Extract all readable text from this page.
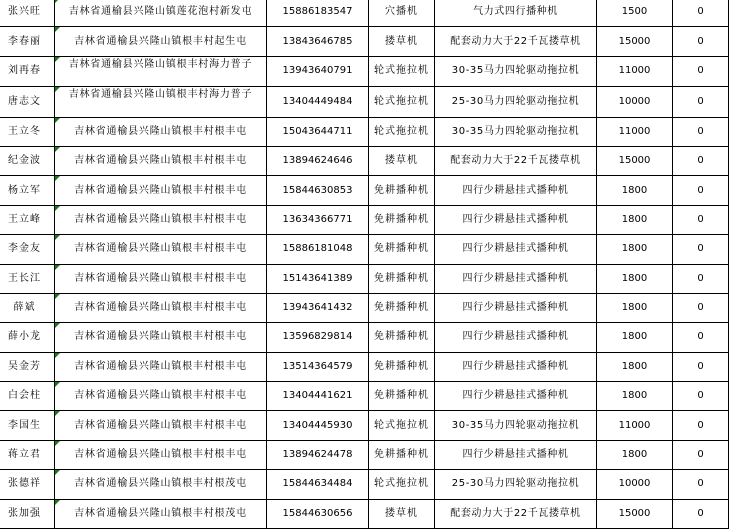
张兴旺	吉林省通榆县兴隆山镇莲花泡村新发屯	15886183547	穴播机	气力式四行播种机	1500	0
李春丽	吉林省通榆县兴隆山镇根丰村起生屯	13843646785	搂草机	配套动力大于22千瓦搂草机	15000	0
刘再春	吉林省通榆县兴隆山镇根丰村海力普子	13943640791	轮式拖拉机	30-35马力四轮驱动拖拉机	11000	0
唐志文	吉林省通榆县兴隆山镇根丰村海力普子	13404449484	轮式拖拉机	25-30马力四轮驱动拖拉机	10000	0
王立冬	吉林省通榆县兴隆山镇根丰村根丰屯	15043644711	轮式拖拉机	30-35马力四轮驱动拖拉机	11000	0
纪金波	吉林省通榆县兴隆山镇根丰村根丰屯	13894624646	搂草机	配套动力大于22千瓦搂草机	15000	0
杨立军	吉林省通榆县兴隆山镇根丰村根丰屯	15844630853	免耕播种机	四行少耕悬挂式播种机	1800	0
王立峰	吉林省通榆县兴隆山镇根丰村根丰屯	13634366771	免耕播种机	四行少耕悬挂式播种机	1800	0
李金友	吉林省通榆县兴隆山镇根丰村根丰屯	15886181048	免耕播种机	四行少耕悬挂式播种机	1800	0
王长江	吉林省通榆县兴隆山镇根丰村根丰屯	15143641389	免耕播种机	四行少耕悬挂式播种机	1800	0
薛斌	吉林省通榆县兴隆山镇根丰村根丰屯	13943641432	免耕播种机	四行少耕悬挂式播种机	1800	0
薛小龙	吉林省通榆县兴隆山镇根丰村根丰屯	13596829814	免耕播种机	四行少耕悬挂式播种机	1800	0
吴金芳	吉林省通榆县兴隆山镇根丰村根丰屯	13514364579	免耕播种机	四行少耕悬挂式播种机	1800	0
白会柱	吉林省通榆县兴隆山镇根丰村根丰屯	13404441621	免耕播种机	四行少耕悬挂式播种机	1800	0
李国生	吉林省通榆县兴隆山镇根丰村根丰屯	13404445930	轮式拖拉机	30-35马力四轮驱动拖拉机	11000	0
蒋立君	吉林省通榆县兴隆山镇根丰村根丰屯	13894624478	免耕播种机	四行少耕悬挂式播种机	1800	0
张德祥	吉林省通榆县兴隆山镇根丰村根茂屯	15844634484	轮式拖拉机	25-30马力四轮驱动拖拉机	10000	0
张加强	吉林省通榆县兴隆山镇根丰村根茂屯	15844630656	搂草机	配套动力大于22千瓦搂草机	15000	0
